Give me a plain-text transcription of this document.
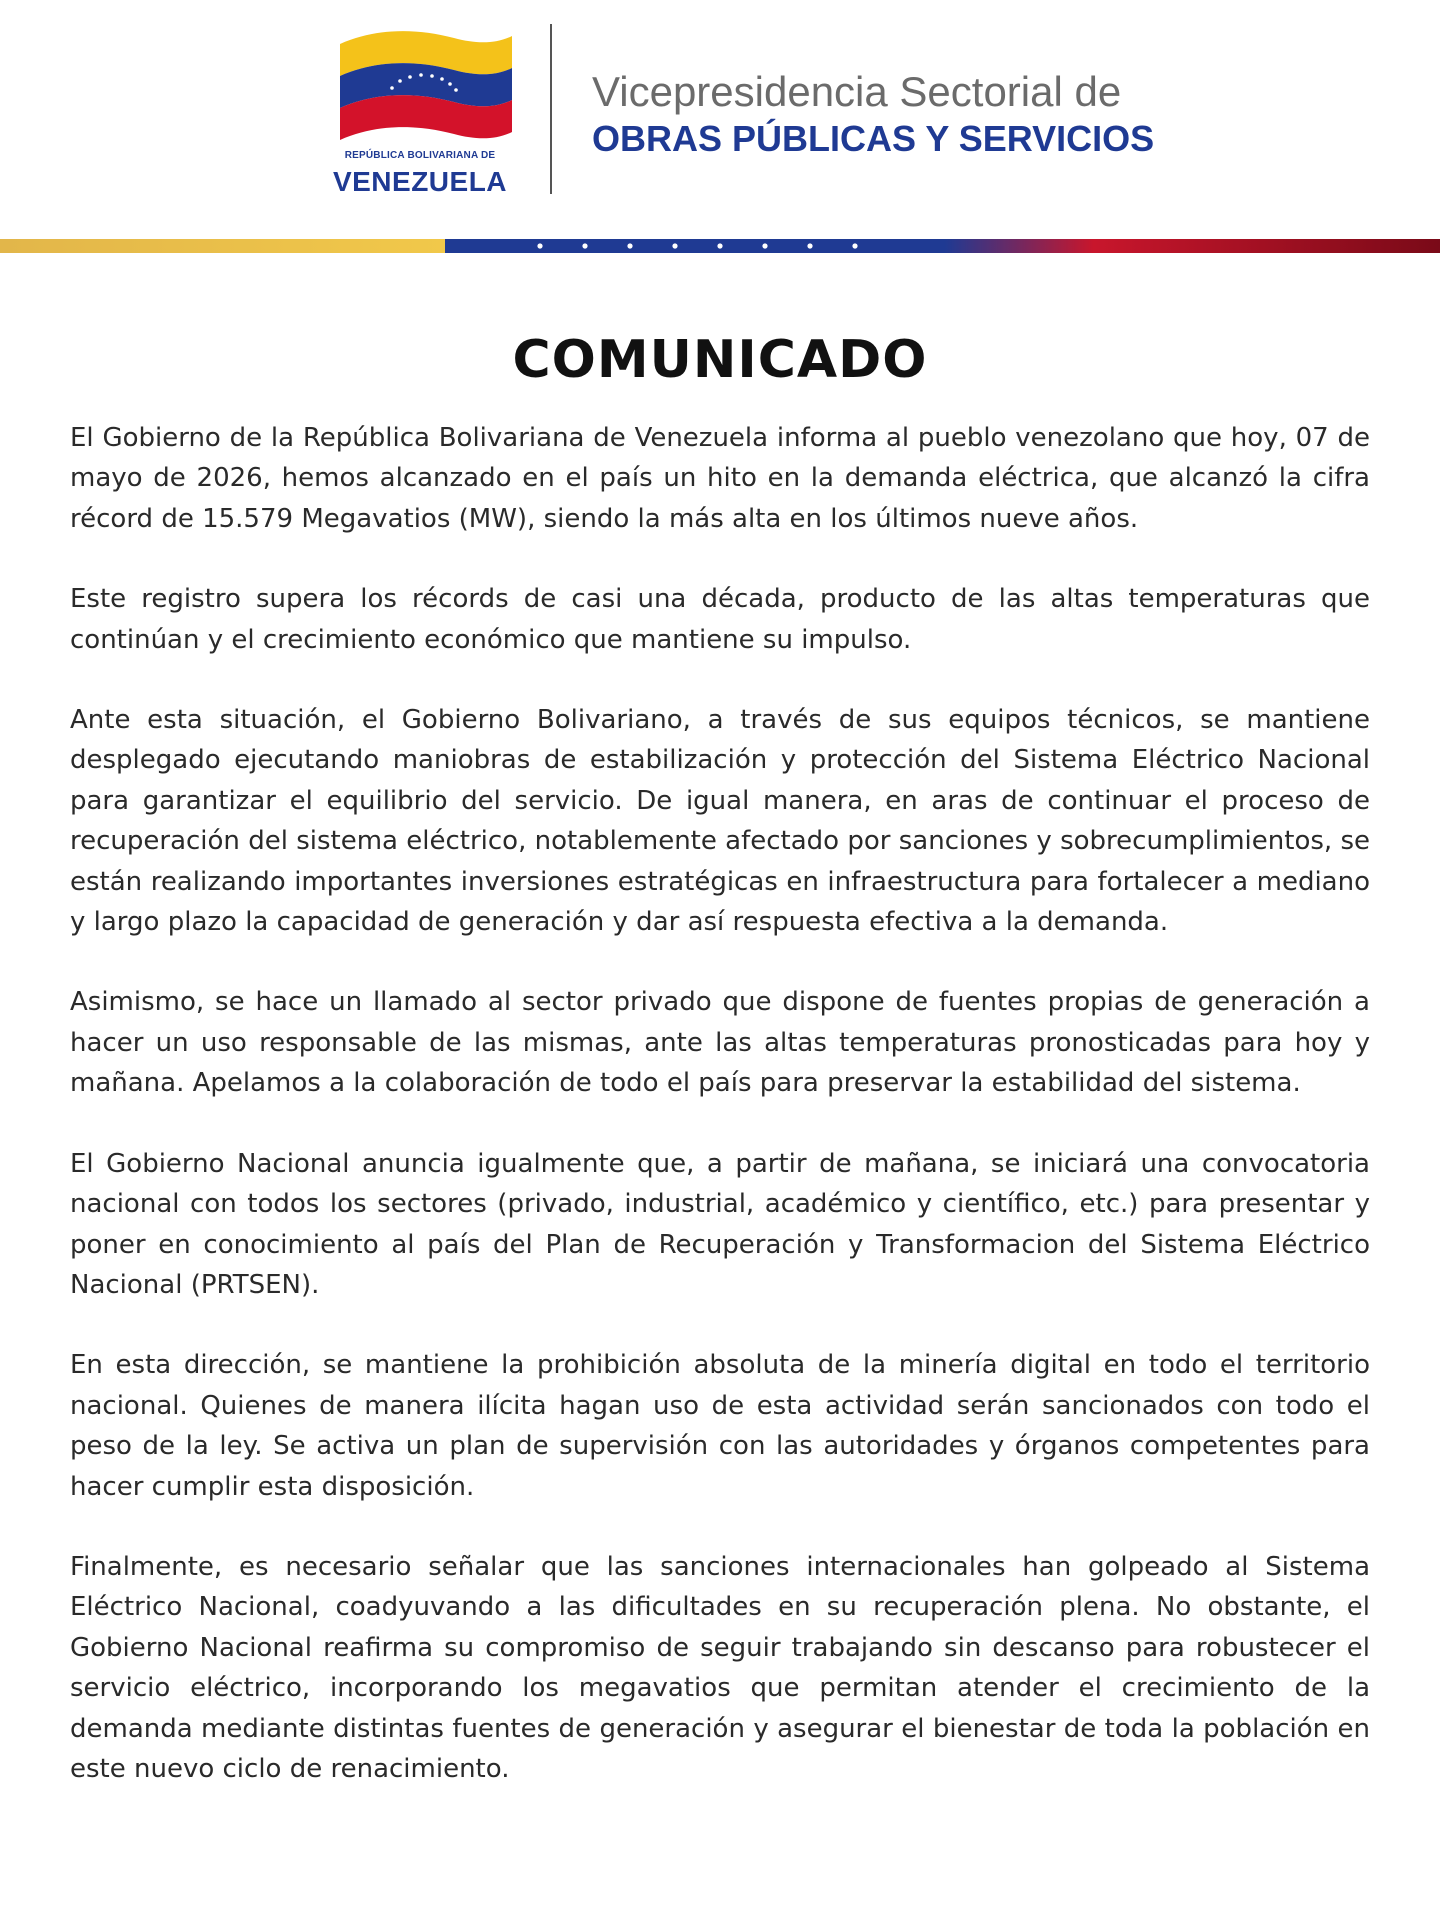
REPÚBLICA BOLIVARIANA DE
VENEZUELA
Vicepresidencia Sectorial de
OBRAS PÚBLICAS Y SERVICIOS
COMUNICADO

El Gobierno de la República Bolivariana de Venezuela informa al pueblo venezolano que hoy, 07 de mayo de 2026, hemos alcanzado en el país un hito en la demanda eléctrica, que alcanzó la cifra récord de 15.579 Megavatios (MW), siendo la más alta en los últimos nueve años.

Este registro supera los récords de casi una década, producto de las altas temperaturas que continúan y el crecimiento económico que mantiene su impulso.

Ante esta situación, el Gobierno Bolivariano, a través de sus equipos técnicos, se mantiene desplegado ejecutando maniobras de estabilización y protección del Sistema Eléctrico Nacional para garantizar el equilibrio del servicio. De igual manera, en aras de continuar el proceso de recuperación del sistema eléctrico, notablemente afectado por sanciones y sobrecumplimientos, se están realizando importantes inversiones estratégicas en infraestructura para fortalecer a mediano y largo plazo la capacidad de generación y dar así respuesta efectiva a la demanda.

Asimismo, se hace un llamado al sector privado que dispone de fuentes propias de generación a hacer un uso responsable de las mismas, ante las altas temperaturas pronosticadas para hoy y mañana. Apelamos a la colaboración de todo el país para preservar la estabilidad del sistema.

El Gobierno Nacional anuncia igualmente que, a partir de mañana, se iniciará una convocatoria nacional con todos los sectores (privado, industrial, académico y científico, etc.) para presentar y poner en conocimiento al país del Plan de Recuperación y Transformacion del Sistema Eléctrico Nacional (PRTSEN).

En esta dirección, se mantiene la prohibición absoluta de la minería digital en todo el territorio nacional. Quienes de manera ilícita hagan uso de esta actividad serán sancionados con todo el peso de la ley. Se activa un plan de supervisión con las autoridades y órganos competentes para hacer cumplir esta disposición.

Finalmente, es necesario señalar que las sanciones internacionales han golpeado al Sistema Eléctrico Nacional, coadyuvando a las dificultades en su recuperación plena. No obstante, el Gobierno Nacional reafirma su compromiso de seguir trabajando sin descanso para robustecer el servicio eléctrico, incorporando los megavatios que permitan atender el crecimiento de la demanda mediante distintas fuentes de generación y asegurar el bienestar de toda la población en este nuevo ciclo de renacimiento.
